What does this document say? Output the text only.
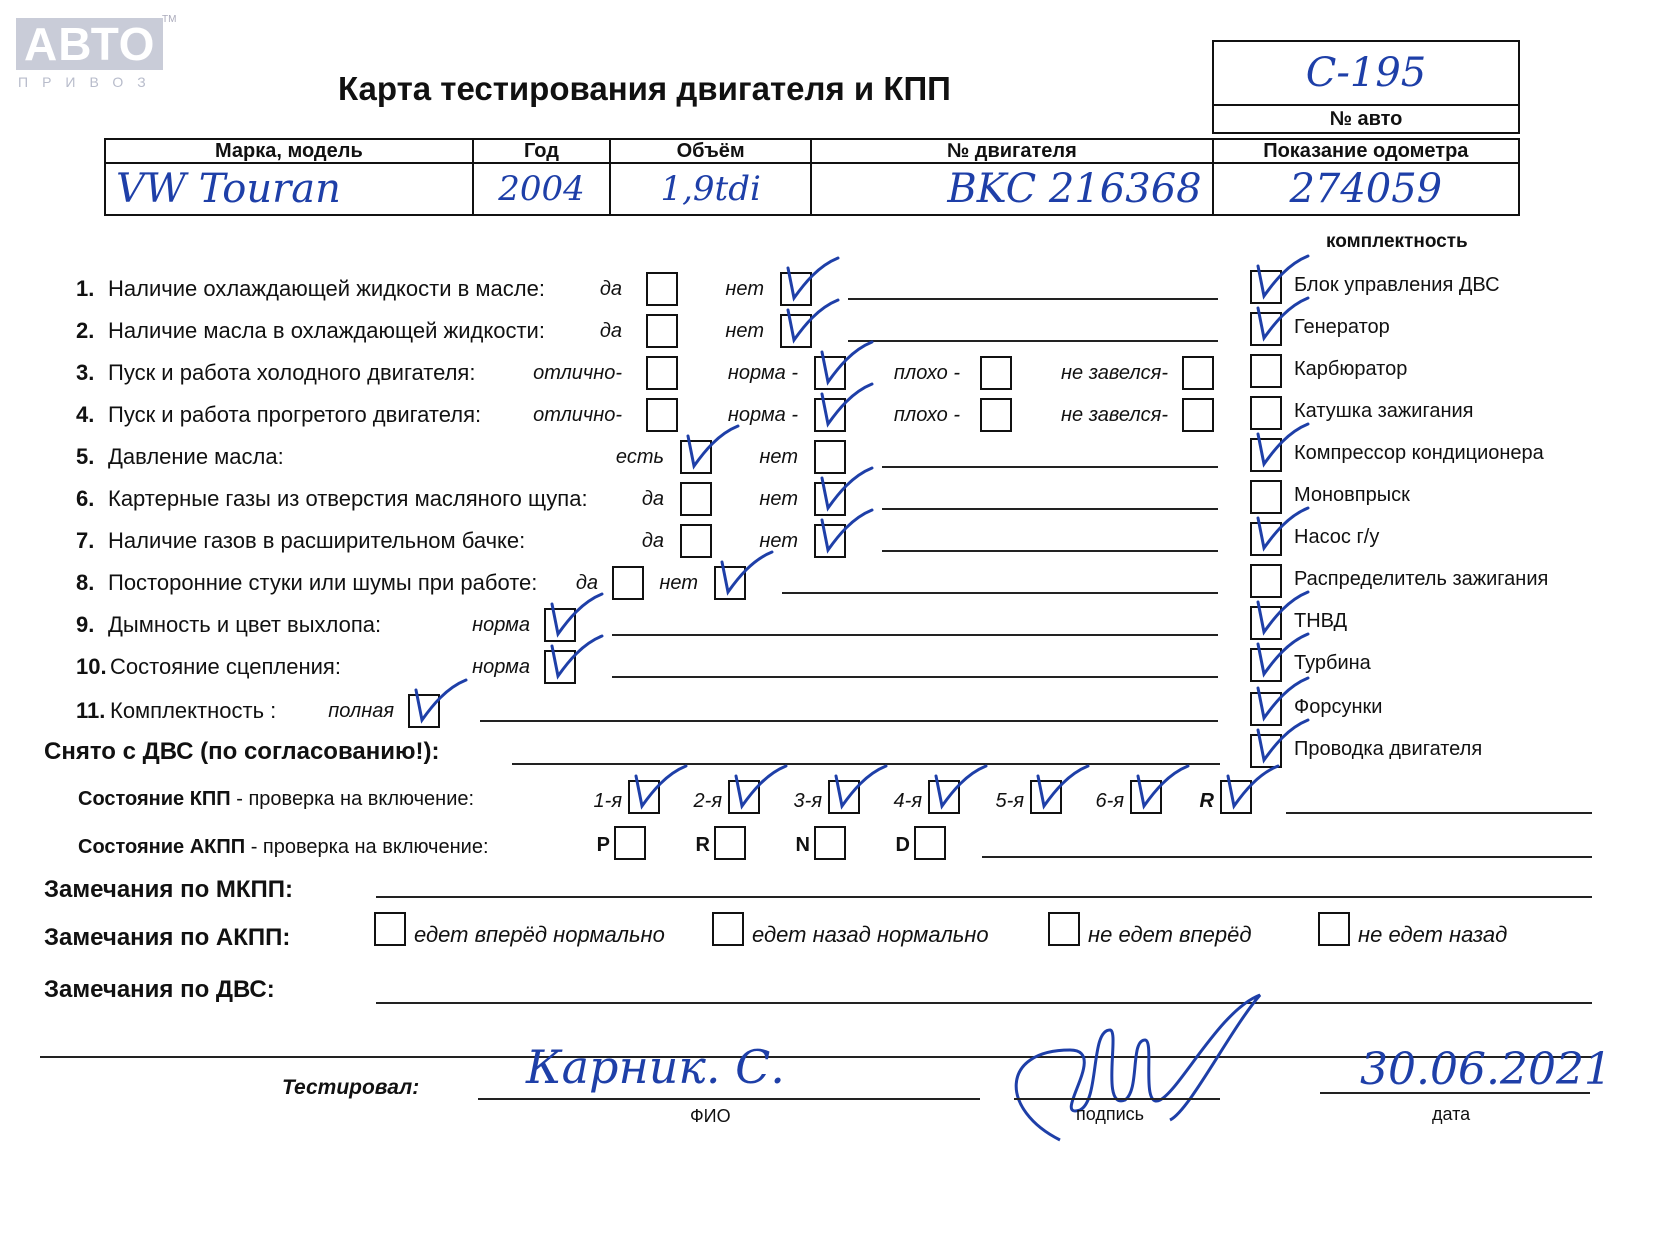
АВТО TM
ПРИВОЗ	Карта тестирования двигателя и КПП	C-195
№ авто
Марка, модель	Год	Объём	№ двигателя	Показание одометра
VW Touran	2004	1,9tdi	BKC 216368	274059
комплектность
1. Наличие охлаждающей жидкости в масле:	да	нет
2. Наличие масла в охлаждающей жидкости:	да	нет
3. Пуск и работа холодного двигателя:	отлично-	норма -	плохо -	не завелся-
4. Пуск и работа прогретого двигателя:	отлично-	норма -	плохо -	не завелся-
5. Давление масла:	есть	нет
6. Картерные газы из отверстия масляного щупа:	да	нет
7. Наличие газов в расширительном бачке:	да	нет
8. Посторонние стуки или шумы при работе: да	нет
9. Дымность и цвет выхлопа:	норма
10. Состояние сцепления:	норма
11. Комплектность :	полная
Блок управления ДВС
Генератор
Карбюратор
Катушка зажигания
Компрессор кондиционера
Моновпрыск
Насос г/у
Распределитель зажигания
ТНВД
Турбина
Форсунки
Проводка двигателя
Снято с ДВС (по согласованию!):
Состояние КПП - проверка на включение:	1-я	2-я	3-я	4-я	5-я	6-я	R
Состояние АКПП - проверка на включение:	P	R	N	D
Замечания по МКПП:
Замечания по АКПП:	едет вперёд нормально	едет назад нормально	не едет вперёд	не едет назад
Замечания по ДВС:
Тестировал: Карник. С.
ФИО	подпись
30.06.2021
дата
